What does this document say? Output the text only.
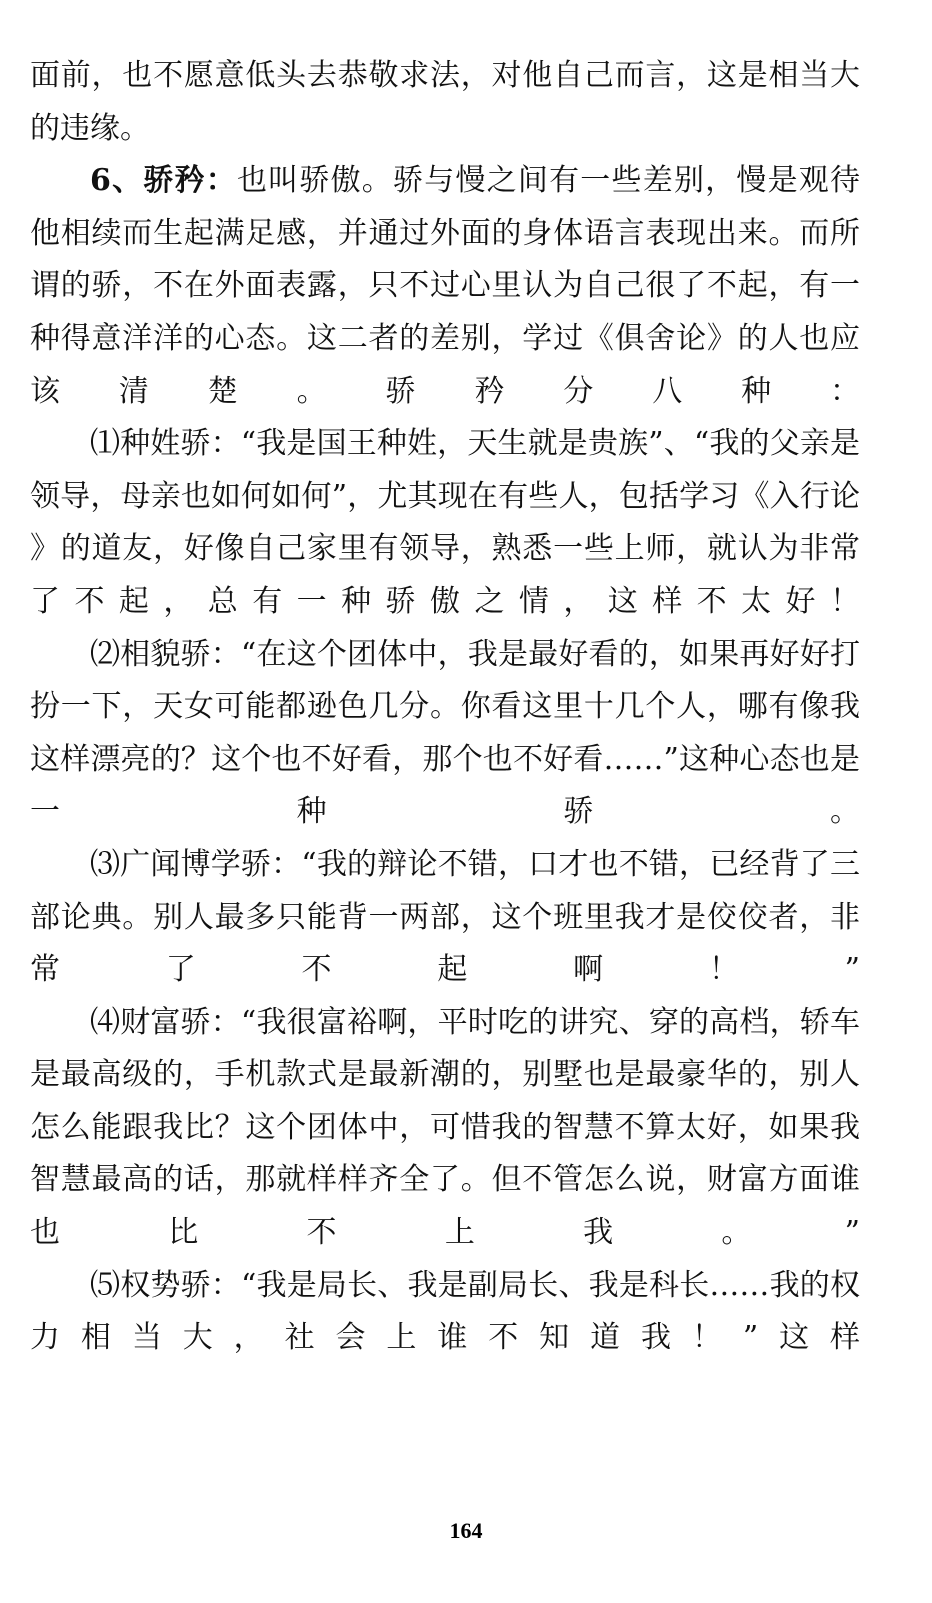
面前，也不愿意低头去恭敬求法，对他自己而言，这是相当大的违缘。

6、骄矜：也叫骄傲。骄与慢之间有一些差别，慢是观待他相续而生起满足感，并通过外面的身体语言表现出来。而所谓的骄，不在外面表露，只不过心里认为自己很了不起，有一种得意洋洋的心态。这二者的差别，学过《俱舍论》的人也应该清楚。骄矜分八种：

⑴种姓骄：“我是国王种姓，天生就是贵族”、“我的父亲是领导，母亲也如何如何”，尤其现在有些人，包括学习《入行论》的道友，好像自己家里有领导，熟悉一些上师，就认为非常了不起，总有一种骄傲之情，这样不太好！

⑵相貌骄：“在这个团体中，我是最好看的，如果再好好打扮一下，天女可能都逊色几分。你看这里十几个人，哪有像我这样漂亮的？这个也不好看，那个也不好看……”这种心态也是一种骄。

⑶广闻博学骄：“我的辩论不错，口才也不错，已经背了三部论典。别人最多只能背一两部，这个班里我才是佼佼者，非常了不起啊！”

⑷财富骄：“我很富裕啊，平时吃的讲究、穿的高档，轿车是最高级的，手机款式是最新潮的，别墅也是最豪华的，别人怎么能跟我比？这个团体中，可惜我的智慧不算太好，如果我智慧最高的话，那就样样齐全了。但不管怎么说，财富方面谁也比不上我。”

⑸权势骄：“我是局长、我是副局长、我是科长……我的权力相当大，社会上谁不知道我！”这样

164
